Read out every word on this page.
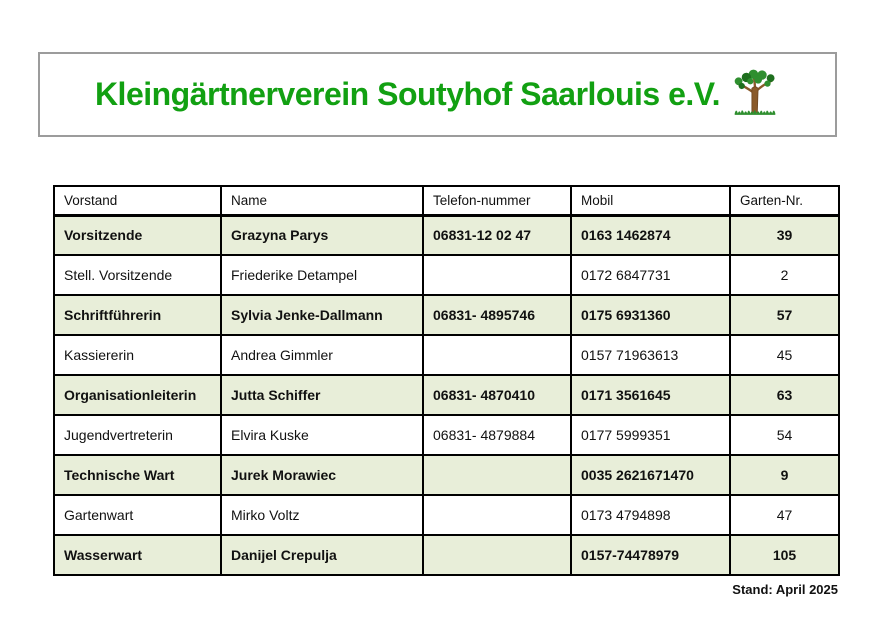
Kleingärtnerverein Soutyhof Saarlouis e.V.
Vorstand	Name	Telefon-nummer	Mobil	Garten-Nr.
Vorsitzende	Grazyna Parys	06831-12 02 47	0163 1462874	39
Stell. Vorsitzende	Friederike Detampel		0172 6847731	2
Schriftführerin	Sylvia Jenke-Dallmann	06831- 4895746	0175 6931360	57
Kassiererin	Andrea Gimmler		0157 71963613	45
Organisationleiterin	Jutta Schiffer	06831- 4870410	0171 3561645	63
Jugendvertreterin	Elvira Kuske	06831- 4879884	0177 5999351	54
Technische Wart	Jurek Morawiec		0035 2621671470	9
Gartenwart	Mirko Voltz		0173 4794898	47
Wasserwart	Danijel Crepulja		0157-74478979	105
Stand: April 2025
